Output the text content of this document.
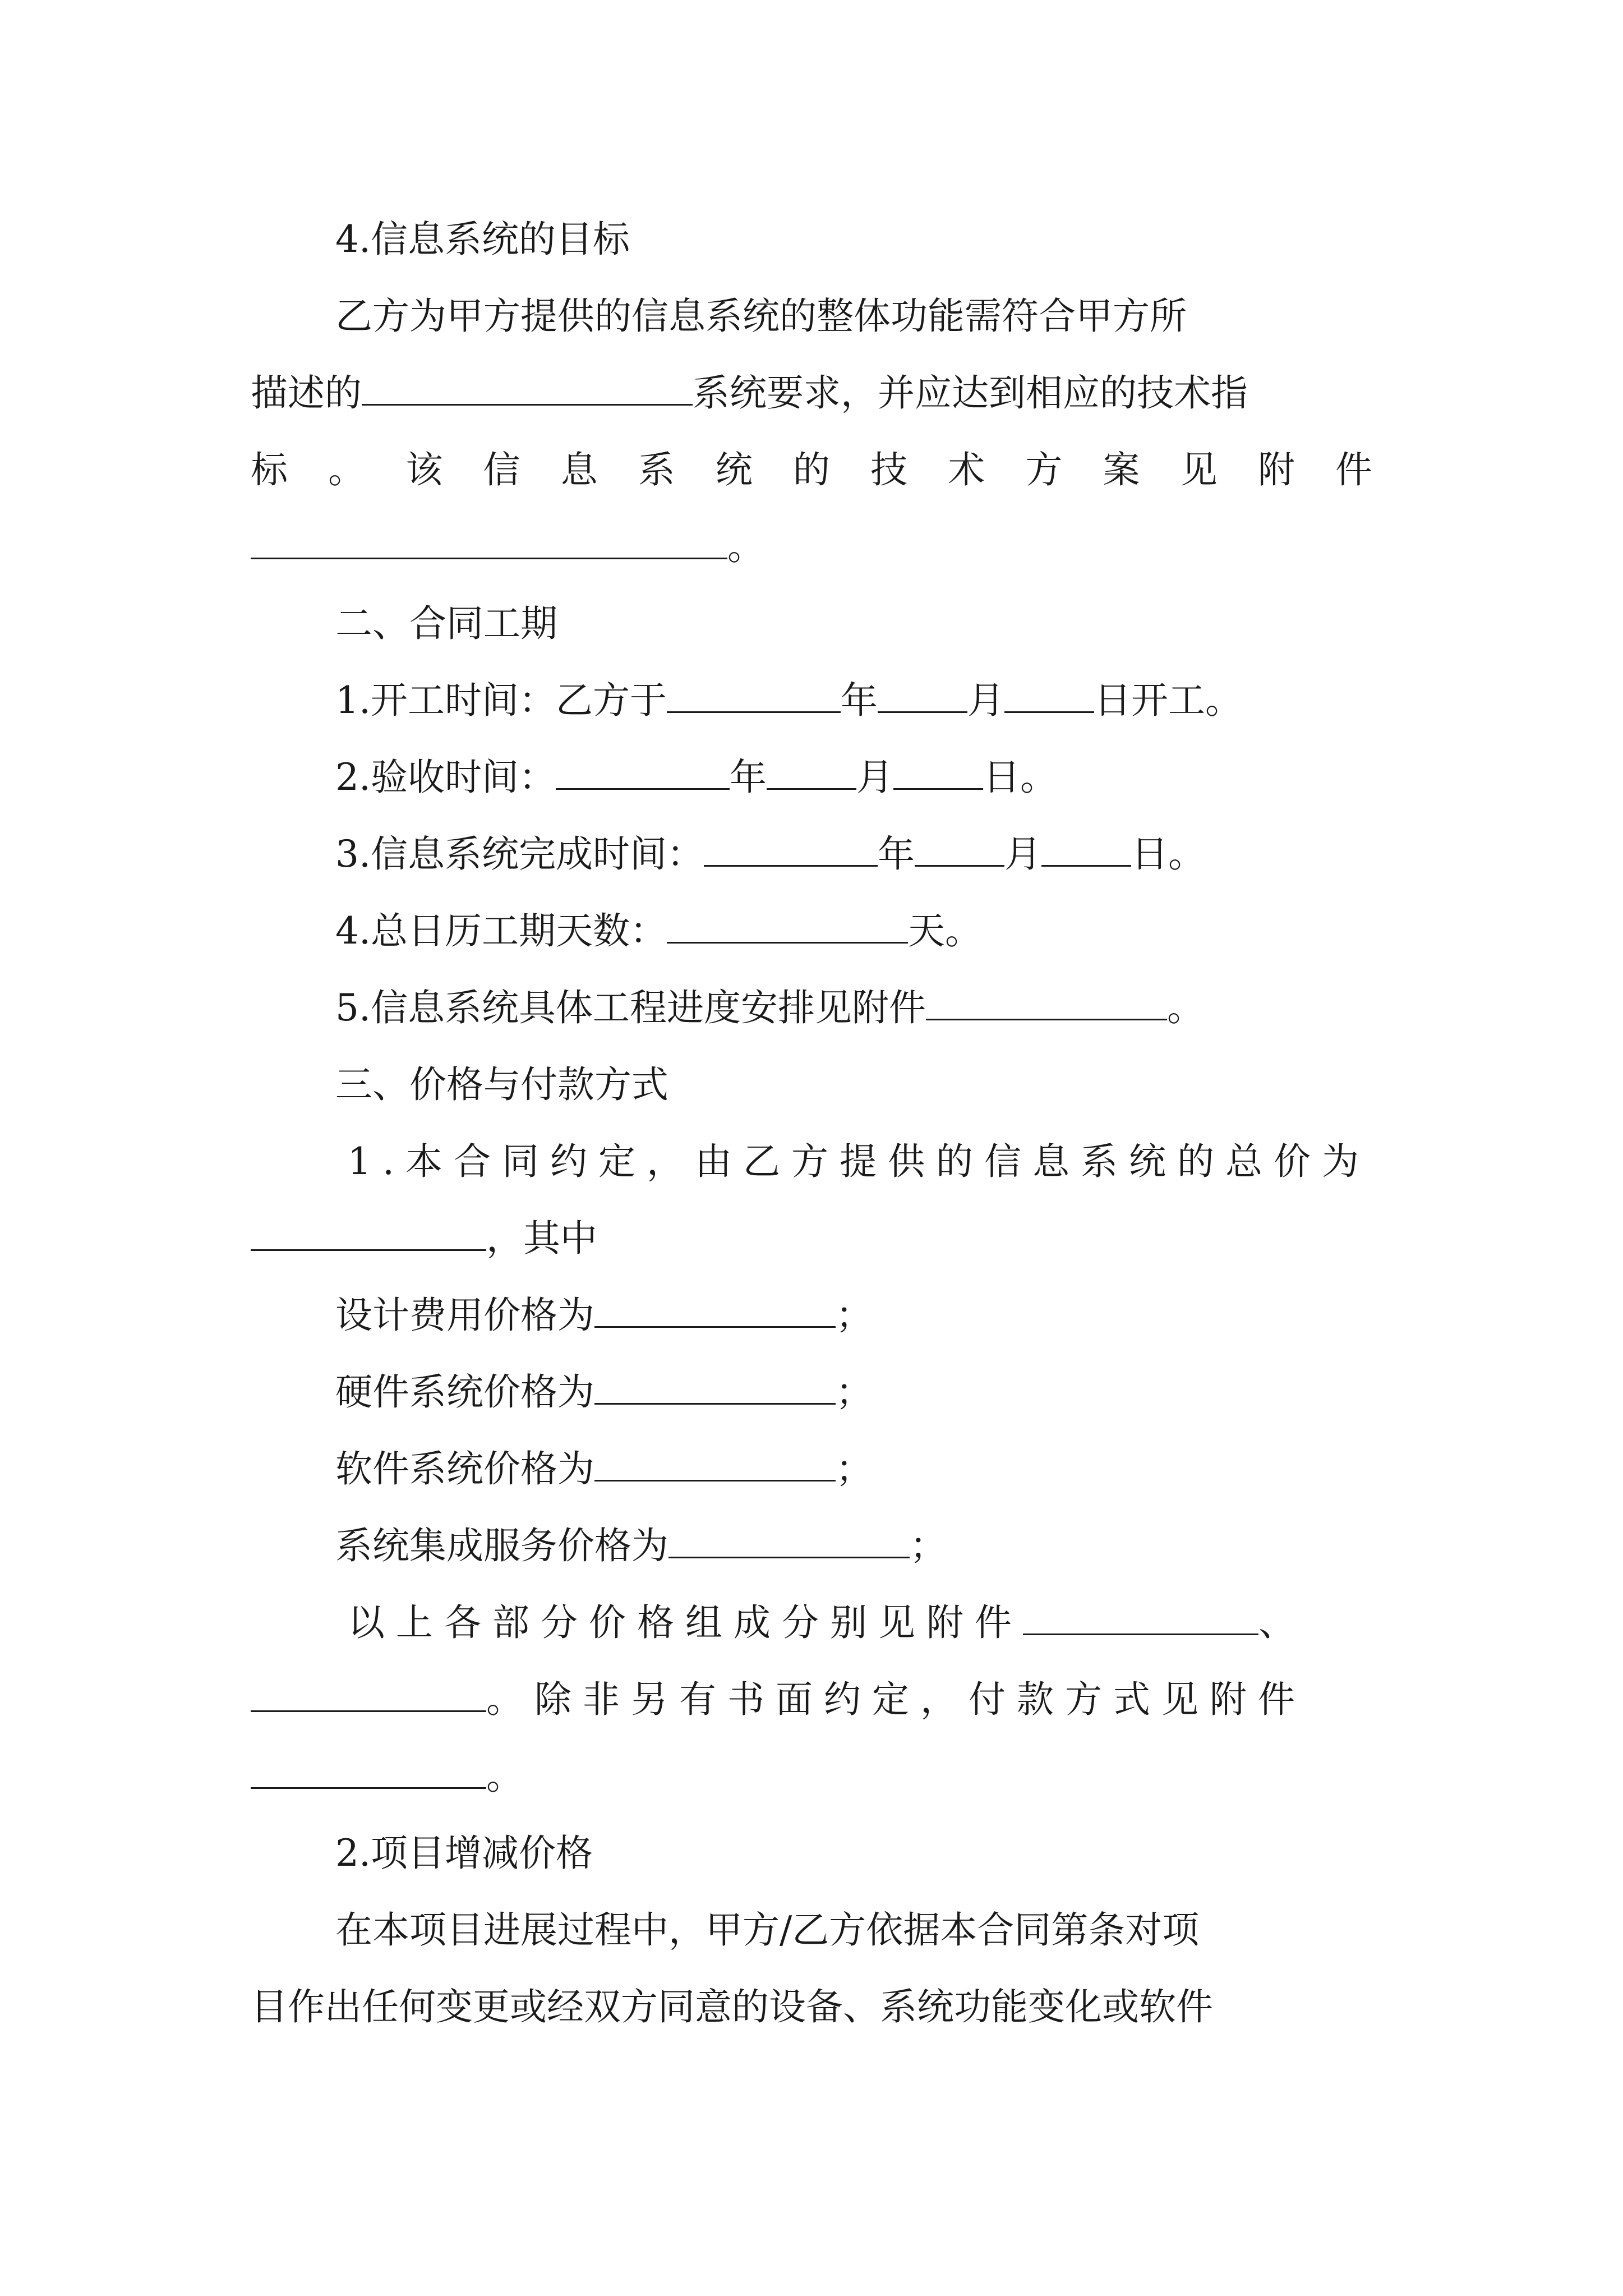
4.信息系统的目标
乙方为甲方提供的信息系统的整体功能需符合甲方所
描述的	系统要求，并应达到相应的技术指
标 。 该 信 息 系 统 的 技 术 方 案 见 附 件
。
二、合同工期
1.开工时间：乙方于	年 月 日开工。
2.验收时间：	年 月 日。
3.信息系统完成时间：	年 月 日。
4.总日历工期天数：	天。
5.信息系统具体工程进度安排见附件	。
三、价格与付款方式
1.本合同约定，由乙方提供的信息系统的总价为
，其中
设计费用价格为	；
硬件系统价格为	；
软件系统价格为	；
系统集成服务价格为	；
以上各部分价格组成分别见附件	、
。除非另有书面约定，付款方式见附件
。
2.项目增减价格
在本项目进展过程中，甲方/乙方依据本合同第条对项
目作出任何变更或经双方同意的设备、系统功能变化或软件
